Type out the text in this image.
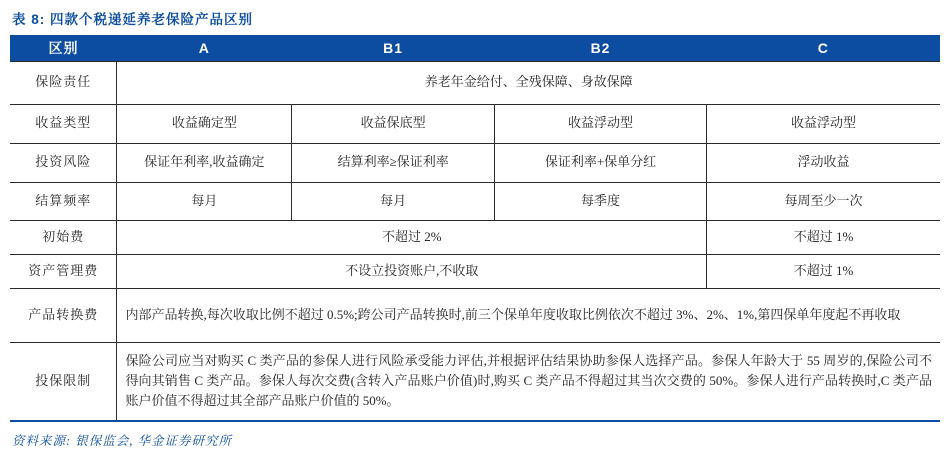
表 8: 四款个税递延养老保险产品区别
区别	A	B1	B2	C
保险责任	养老年金给付、全残保障、身故保障			
收益类型	收益确定型	收益保底型	收益浮动型	收益浮动型
投资风险	保证年利率,收益确定	结算利率≥保证利率	保证利率+保单分红	浮动收益
结算频率	每月	每月	每季度	每周至少一次
初始费	不超过 2%			不超过 1%
资产管理费	不设立投资账户,不收取			不超过 1%
产品转换费	内部产品转换,每次收取比例不超过 0.5%;跨公司产品转换时,前三个保单年度收取比例依次不超过 3%、2%、1%,第四保单年度起不再收取			
投保限制	保险公司应当对购买 C 类产品的参保人进行风险承受能力评估,并根据评估结果协助参保人选择产品。参保人年龄大于 55 周岁的,保险公司不得向其销售 C 类产品。参保人每次交费(含转入产品账户价值)时,购买 C 类产品不得超过其当次交费的 50%。参保人进行产品转换时,C 类产品账户价值不得超过其全部产品账户价值的 50%。			
资料来源: 银保监会, 华金证券研究所
